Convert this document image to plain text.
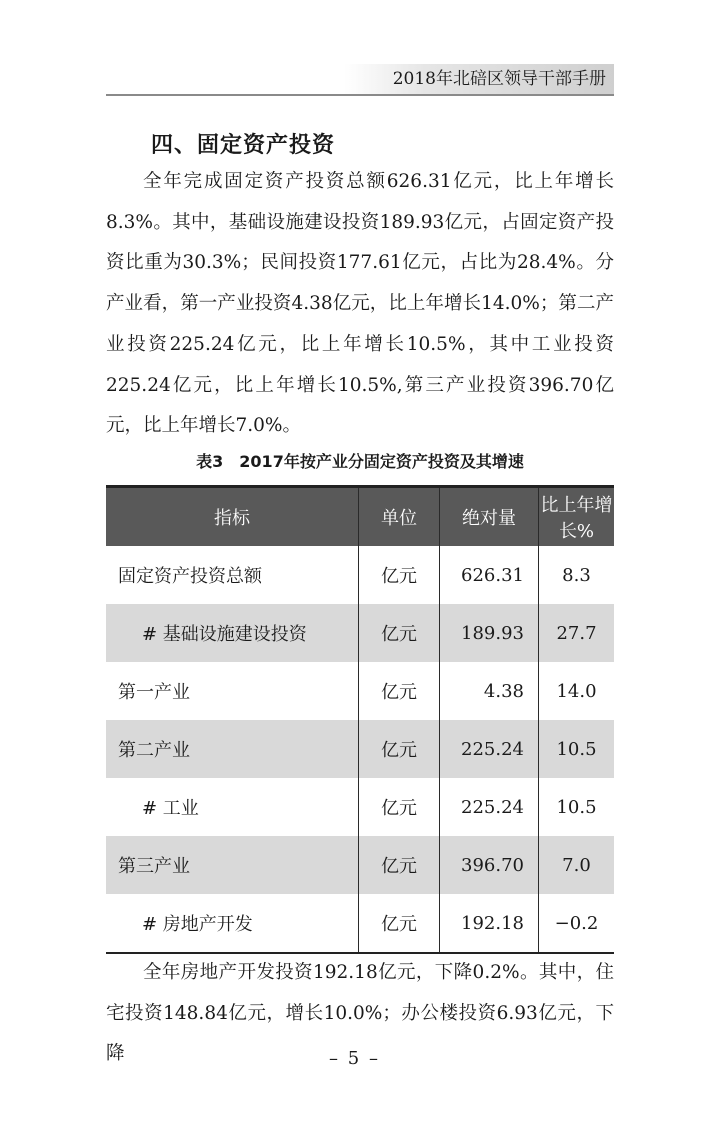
2018年北碚区领导干部手册
四、固定资产投资

全年完成固定资产投资总额626.31亿元，比上年增长8.3%。其中，基础设施建设投资189.93亿元，占固定资产投资比重为30.3%；民间投资177.61亿元，占比为28.4%。分产业看，第一产业投资4.38亿元，比上年增长14.0%；第二产业投资225.24亿元，比上年增长10.5%，其中工业投资225.24亿元，比上年增长10.5%,第三产业投资396.70亿元，比上年增长7.0%。

表3　2017年按产业分固定资产投资及其增速
指标	单位	绝对量	比上年增长%
固定资产投资总额	亿元	626.31	8.3
# 基础设施建设投资	亿元	189.93	27.7
第一产业	亿元	4.38	14.0
第二产业	亿元	225.24	10.5
# 工业	亿元	225.24	10.5
第三产业	亿元	396.70	7.0
# 房地产开发	亿元	192.18	−0.2

全年房地产开发投资192.18亿元，下降0.2%。其中，住宅投资148.84亿元，增长10.0%；办公楼投资6.93亿元，下降	– 5 –
